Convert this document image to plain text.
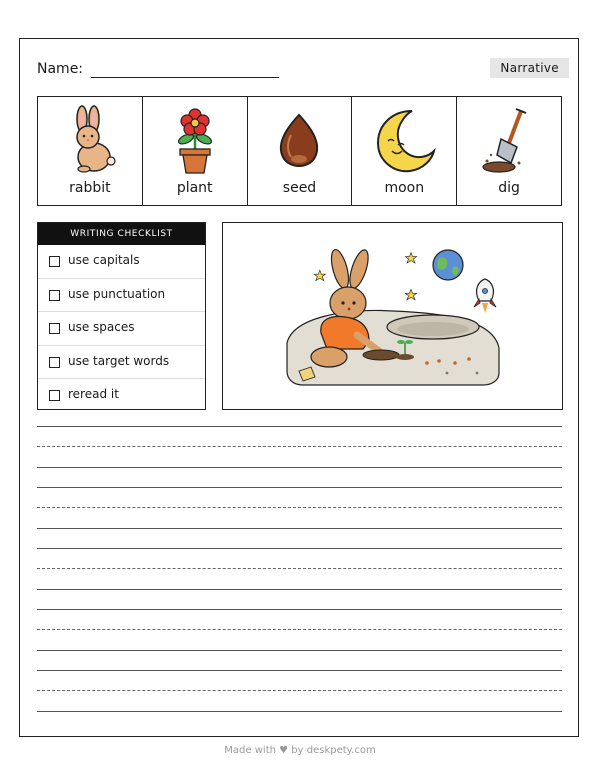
Name:	Narrative
rabbit	plant	seed	moon	dig
WRITING CHECKLIST
use capitals
use punctuation
use spaces
use target words
reread it
Made with ♥ by deskpety.com
